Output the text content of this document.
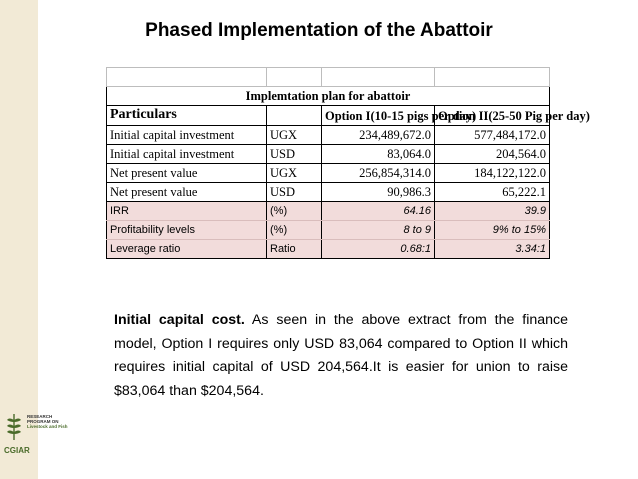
RESEARCH
PROGRAM ON
Livestock and Fish
CGIAR
Phased Implementation of the Abattoir

Implemtation plan for abattoir			
Particulars		Option I(10-15 pigs per day)	Option II(25-50 Pig per day)
Initial capital investment	UGX	234,489,672.0	577,484,172.0
Initial capital investment	USD	83,064.0	204,564.0
Net present value	UGX	256,854,314.0	184,122,122.0
Net present value	USD	90,986.3	65,222.1
IRR	(%)	64.16	39.9
Profitability levels	(%)	8 to 9	9% to 15%
Leverage ratio	Ratio	0.68:1	3.34:1
Initial capital cost. As seen in the above extract from the finance model, Option I requires only USD 83,064 compared to Option II which requires initial capital of USD 204,564.It is easier for union to raise $83,064 than $204,564.
